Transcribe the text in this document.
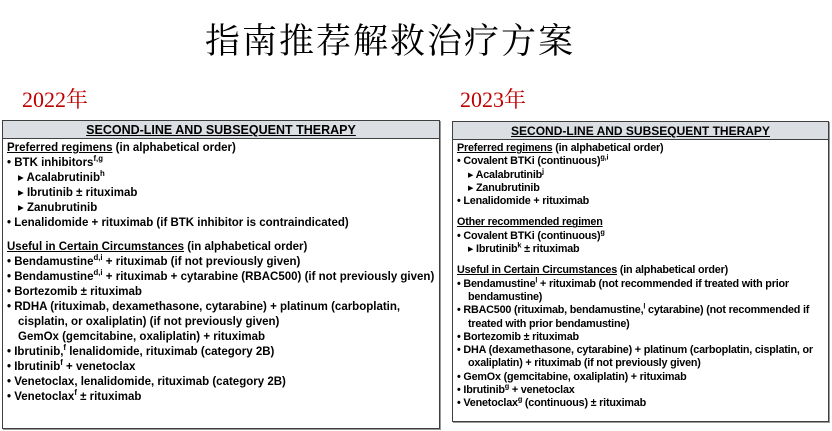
指南推荐解救治疗方案
2022年	2023年
SECOND-LINE AND SUBSEQUENT THERAPY
Preferred regimens (in alphabetical order)
• BTK inhibitors$^{f,g}$
▸ Acalabrutinib$^h$
▸ Ibrutinib ± rituximab
▸ Zanubrutinib
• Lenalidomide + rituximab (if BTK inhibitor is contraindicated)
Useful in Certain Circumstances (in alphabetical order)
• Bendamustine$^{d,i}$ + rituximab (if not previously given)
• Bendamustine$^{d,i}$ + rituximab + cytarabine (RBAC500) (if not previously given)
• Bortezomib ± rituximab
• RDHA (rituximab, dexamethasone, cytarabine) + platinum (carboplatin, cisplatin, or oxaliplatin) (if not previously given)
GemOx (gemcitabine, oxaliplatin) + rituximab
• Ibrutinib,$^f$ lenalidomide, rituximab (category 2B)
• Ibrutinib$^f$ + venetoclax
• Venetoclax, lenalidomide, rituximab (category 2B)
• Venetoclax$^f$ ± rituximab
SECOND-LINE AND SUBSEQUENT THERAPY
Preferred regimens (in alphabetical order)
• Covalent BTKi (continuous)$^{g,i}$
▸ Acalabrutinib$^j$
▸ Zanubrutinib
• Lenalidomide + rituximab
Other recommended regimen
• Covalent BTKi (continuous)$^g$
▸ Ibrutinib$^k$ ± rituximab
Useful in Certain Circumstances (in alphabetical order)
• Bendamustine$^l$ + rituximab (not recommended if treated with prior bendamustine)
• RBAC500 (rituximab, bendamustine,$^l$ cytarabine) (not recommended if treated with prior bendamustine)
• Bortezomib ± rituximab
• DHA (dexamethasone, cytarabine) + platinum (carboplatin, cisplatin, or oxaliplatin) + rituximab (if not previously given)
• GemOx (gemcitabine, oxaliplatin) + rituximab
• Ibrutinib$^g$ + venetoclax
• Venetoclax$^g$ (continuous) ± rituximab
